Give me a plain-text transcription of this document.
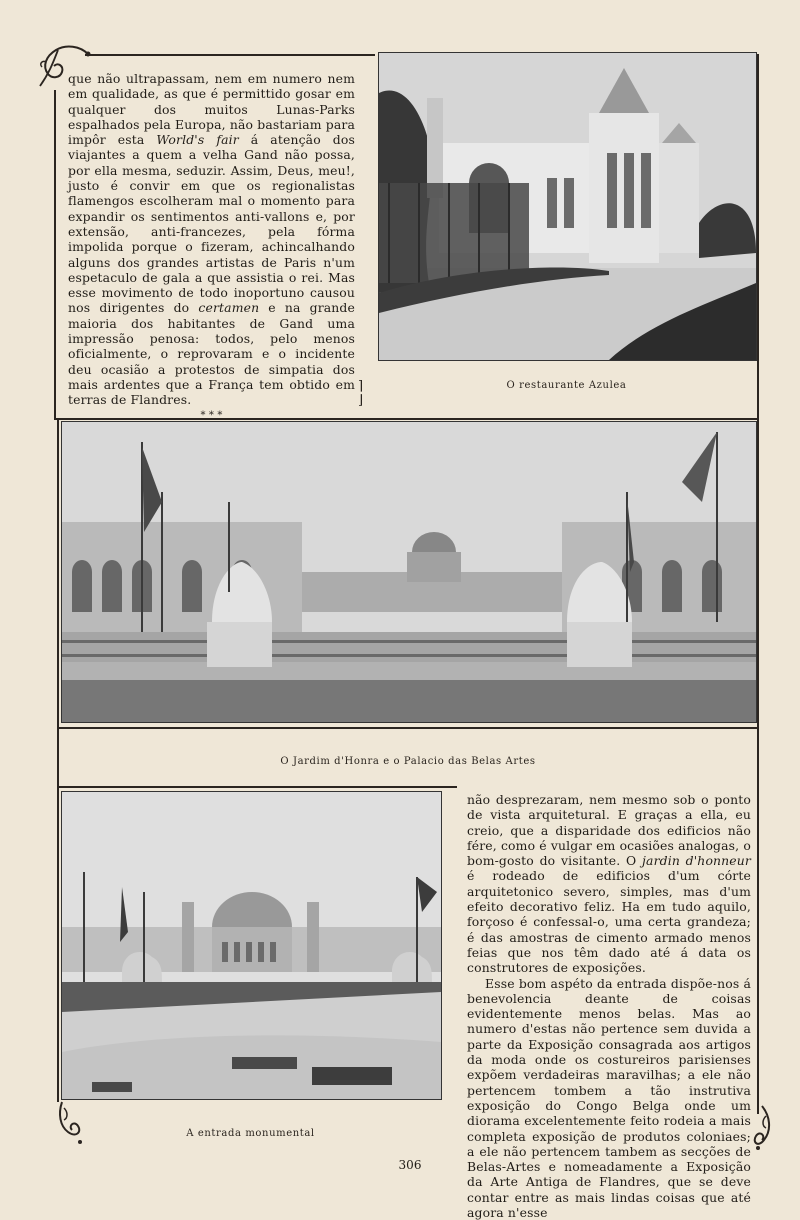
que não ultrapassam, nem em numero nem em qualidade, as que é permittido gosar em qualquer dos muitos Lunas-Parks espalhados pela Europa, não bastariam para impôr esta World's fair á atenção dos viajantes a quem a velha Gand não possa, por ella mesma, seduzir. Assim, Deus, meu!, justo é convir em que os regionalistas flamengos escolheram mal o momento para expandir os sentimentos anti-vallons e, por extensão, anti-francezes, pela fórma impolida porque o fizeram, achincalhando alguns dos grandes artistas de Paris n'um espetaculo de gala a que assistia o rei. Mas esse movimento de todo inoportuno causou nos dirigentes do certamen e na grande maioria dos habitantes de Gand uma impressão penosa: todos, pelo menos oficialmente, o reprovaram e o incidente deu ocasião a protestos de simpatia dos mais ardentes que a França tem obtido em terras de Flandres.

* * *

⌉
⌋
O restaurante Azulea
O Jardim d'Honra e o Palacio das Belas Artes
A entrada monumental

não desprezaram, nem mesmo sob o ponto de vista arquitetural. E graças a ella, eu creio, que a disparidade dos edificios não fére, como é vulgar em ocasiões analogas, o bom-gosto do visitante. O jardin d'honneur é rodeado de edificios d'um córte arquitetonico severo, simples, mas d'um efeito decorativo feliz. Ha em tudo aquilo, forçoso é confessal-o, uma certa grandeza; é das amostras de cimento armado menos feias que nos têm dado até á data os construtores de exposições.

Esse bom aspéto da entrada dispõe-nos á benevolencia deante de coisas evidentemente menos belas. Mas ao numero d'estas não pertence sem duvida a parte da Exposição consagrada aos artigos da moda onde os costureiros parisienses expõem verdadeiras maravilhas; a ele não pertencem tombem a tão instrutiva exposição do Congo Belga onde um diorama excelentemente feito rodeia a mais completa exposição de produtos coloniaes; a ele não pertencem tambem as secções de Belas-Artes e nomeadamente a Exposição da Arte Antiga de Flandres, que se deve contar entre as mais lindas coisas que até agora n'esse

306
